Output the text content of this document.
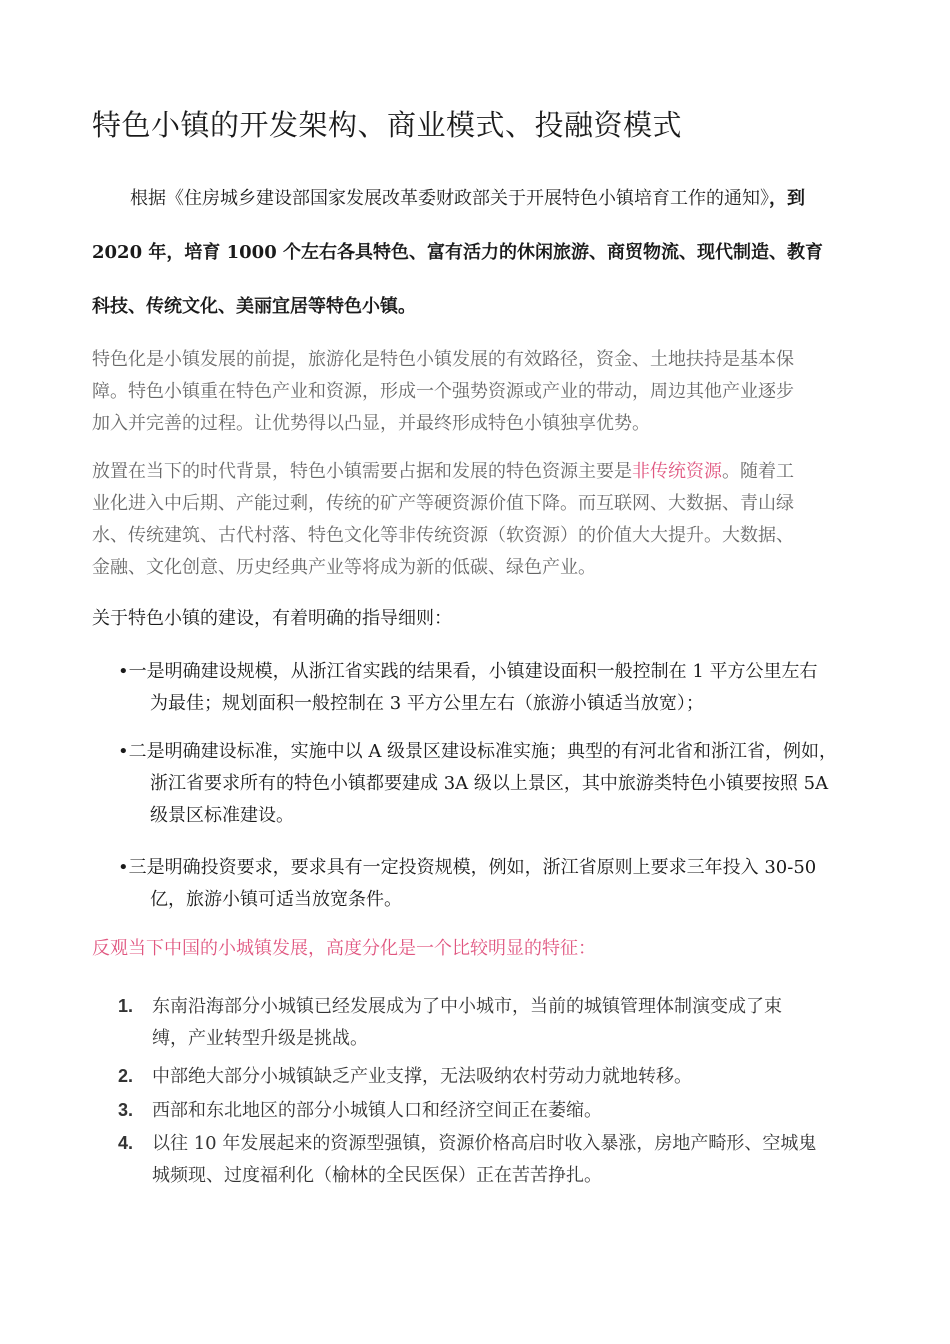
特色小镇的开发架构、商业模式、投融资模式
根据《住房城乡建设部国家发展改革委财政部关于开展特色小镇培育工作的通知》，到
2020 年，培育 1000 个左右各具特色、富有活力的休闲旅游、商贸物流、现代制造、教育
科技、传统文化、美丽宜居等特色小镇。
特色化是小镇发展的前提，旅游化是特色小镇发展的有效路径，资金、土地扶持是基本保
障。特色小镇重在特色产业和资源，形成一个强势资源或产业的带动，周边其他产业逐步
加入并完善的过程。让优势得以凸显，并最终形成特色小镇独享优势。
放置在当下的时代背景，特色小镇需要占据和发展的特色资源主要是非传统资源。随着工
业化进入中后期、产能过剩，传统的矿产等硬资源价值下降。而互联网、大数据、青山绿
水、传统建筑、古代村落、特色文化等非传统资源（软资源）的价值大大提升。大数据、
金融、文化创意、历史经典产业等将成为新的低碳、绿色产业。
关于特色小镇的建设，有着明确的指导细则：
•一是明确建设规模，从浙江省实践的结果看，小镇建设面积一般控制在 1 平方公里左右
为最佳；规划面积一般控制在 3 平方公里左右（旅游小镇适当放宽）；
•二是明确建设标准，实施中以 A 级景区建设标准实施；典型的有河北省和浙江省，例如，
浙江省要求所有的特色小镇都要建成 3A 级以上景区，其中旅游类特色小镇要按照 5A
级景区标准建设。
•三是明确投资要求，要求具有一定投资规模，例如，浙江省原则上要求三年投入 30-50
亿，旅游小镇可适当放宽条件。
反观当下中国的小城镇发展，高度分化是一个比较明显的特征：
1. 东南沿海部分小城镇已经发展成为了中小城市，当前的城镇管理体制演变成了束
缚，产业转型升级是挑战。
2. 中部绝大部分小城镇缺乏产业支撑，无法吸纳农村劳动力就地转移。
3. 西部和东北地区的部分小城镇人口和经济空间正在萎缩。
4. 以往 10 年发展起来的资源型强镇，资源价格高启时收入暴涨，房地产畸形、空城鬼
城频现、过度福利化（榆林的全民医保）正在苦苦挣扎。
